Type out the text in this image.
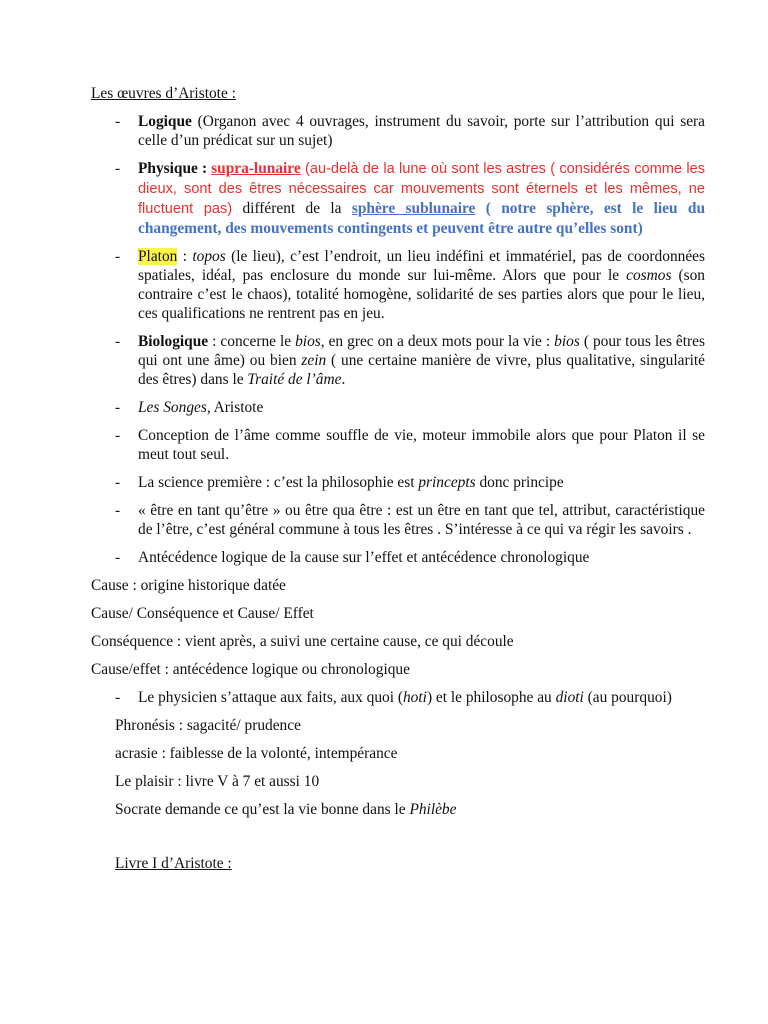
Les œuvres d’Aristote :

- Logique (Organon avec 4 ouvrages, instrument du savoir, porte sur l’attribution qui sera celle d’un prédicat sur un sujet)

- Physique : supra-lunaire (au-delà de la lune où sont les astres ( considérés comme les dieux, sont des êtres nécessaires car mouvements sont éternels et les mêmes, ne fluctuent pas) différent de la sphère sublunaire ( notre sphère, est le lieu du changement, des mouvements contingents et peuvent être autre qu’elles sont)

- Platon : topos (le lieu), c’est l’endroit, un lieu indéfini et immatériel, pas de coordonnées spatiales, idéal, pas enclosure du monde sur lui-même. Alors que pour le cosmos (son contraire c’est le chaos), totalité homogène, solidarité de ses parties alors que pour le lieu, ces qualifications ne rentrent pas en jeu.

- Biologique : concerne le bios, en grec on a deux mots pour la vie : bios ( pour tous les êtres qui ont une âme) ou bien zein ( une certaine manière de vivre, plus qualitative, singularité des êtres) dans le Traité de l’âme.

- Les Songes, Aristote

- Conception de l’âme comme souffle de vie, moteur immobile alors que pour Platon il se meut tout seul.

- La science première : c’est la philosophie est princepts donc principe

- « être en tant qu’être » ou être qua être : est un être en tant que tel, attribut, caractéristique de l’être, c’est général commune à tous les êtres . S’intéresse à ce qui va régir les savoirs .

- Antécédence logique de la cause sur l’effet et antécédence chronologique

Cause : origine historique datée

Cause/ Conséquence et Cause/ Effet

Conséquence : vient après, a suivi une certaine cause, ce qui découle

Cause/effet : antécédence logique ou chronologique

- Le physicien s’attaque aux faits, aux quoi (hoti) et le philosophe au dioti (au pourquoi)

Phronésis : sagacité/ prudence

acrasie : faiblesse de la volonté, intempérance

Le plaisir : livre V à 7 et aussi 10

Socrate demande ce qu’est la vie bonne dans le Philèbe

Livre I d’Aristote :
